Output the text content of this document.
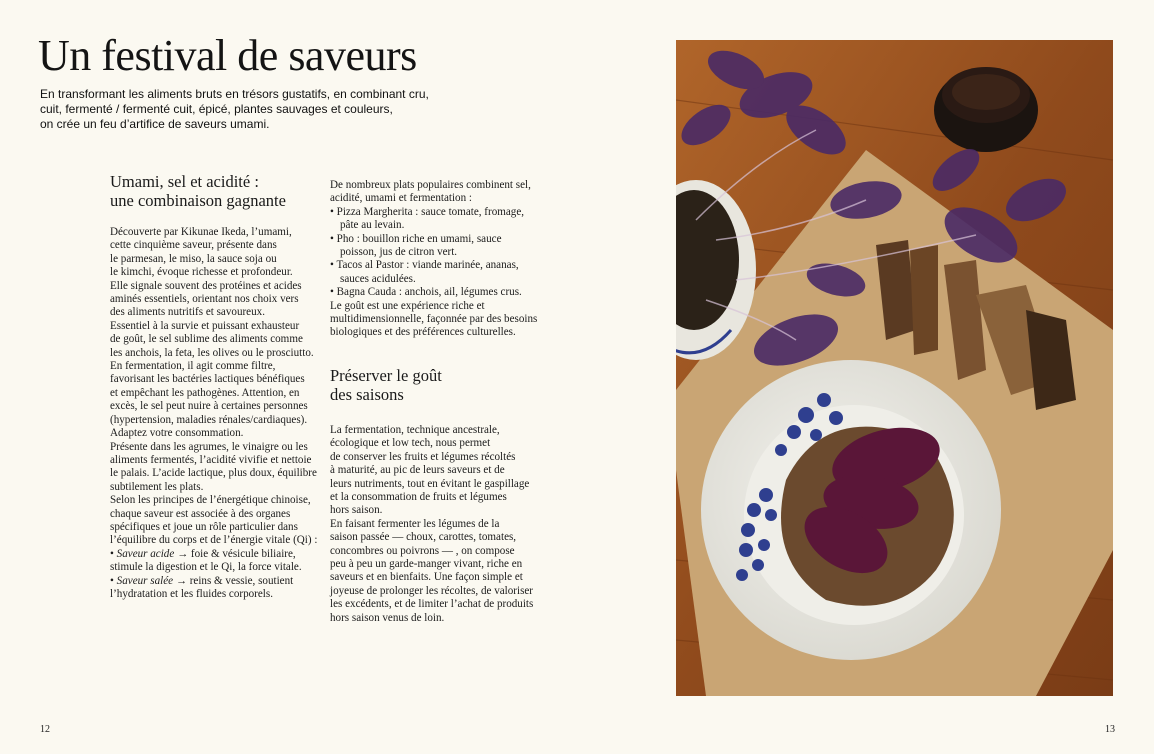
Un festival de saveurs
En transformant les aliments bruts en trésors gustatifs, en combinant cru,
cuit, fermenté / fermenté cuit, épicé, plantes sauvages et couleurs,
on crée un feu d’artifice de saveurs umami.
Umami, sel et acidité :
une combinaison gagnante

Découverte par Kikunae Ikeda, l’umami,
cette cinquième saveur, présente dans
le parmesan, le miso, la sauce soja ou
le kimchi, évoque richesse et profondeur.
Elle signale souvent des protéines et acides
aminés essentiels, orientant nos choix vers
des aliments nutritifs et savoureux.
Essentiel à la survie et puissant exhausteur
de goût, le sel sublime des aliments comme
les anchois, la feta, les olives ou le prosciutto.
En fermentation, il agit comme filtre,
favorisant les bactéries lactiques bénéfiques
et empêchant les pathogènes. Attention, en
excès, le sel peut nuire à certaines personnes
(hypertension, maladies rénales/cardiaques).
Adaptez votre consommation.
Présente dans les agrumes, le vinaigre ou les
aliments fermentés, l’acidité vivifie et nettoie
le palais. L’acide lactique, plus doux, équilibre
subtilement les plats.
Selon les principes de l’énergétique chinoise,
chaque saveur est associée à des organes
spécifiques et joue un rôle particulier dans
l’équilibre du corps et de l’énergie vitale (Qi) :
• Saveur acide → foie & vésicule biliaire,
stimule la digestion et le Qi, la force vitale.
• Saveur salée → reins & vessie, soutient
l’hydratation et les fluides corporels.

De nombreux plats populaires combinent sel,
acidité, umami et fermentation :

• Pizza Margherita : sauce tomate, fromage,
pâte au levain.
• Pho : bouillon riche en umami, sauce
poisson, jus de citron vert.
• Tacos al Pastor : viande marinée, ananas,
sauces acidulées.
• Bagna Cauda : anchois, ail, légumes crus.

Le goût est une expérience riche et
multidimensionnelle, façonnée par des besoins
biologiques et des préférences culturelles.

Préserver le goût
des saisons

La fermentation, technique ancestrale,
écologique et low tech, nous permet
de conserver les fruits et légumes récoltés
à maturité, au pic de leurs saveurs et de
leurs nutriments, tout en évitant le gaspillage
et la consommation de fruits et légumes
hors saison.
En faisant fermenter les légumes de la
saison passée — choux, carottes, tomates,
concombres ou poivrons — , on compose
peu à peu un garde-manger vivant, riche en
saveurs et en bienfaits. Une façon simple et
joyeuse de prolonger les récoltes, de valoriser
les excédents, et de limiter l’achat de produits
hors saison venus de loin.

12	13
